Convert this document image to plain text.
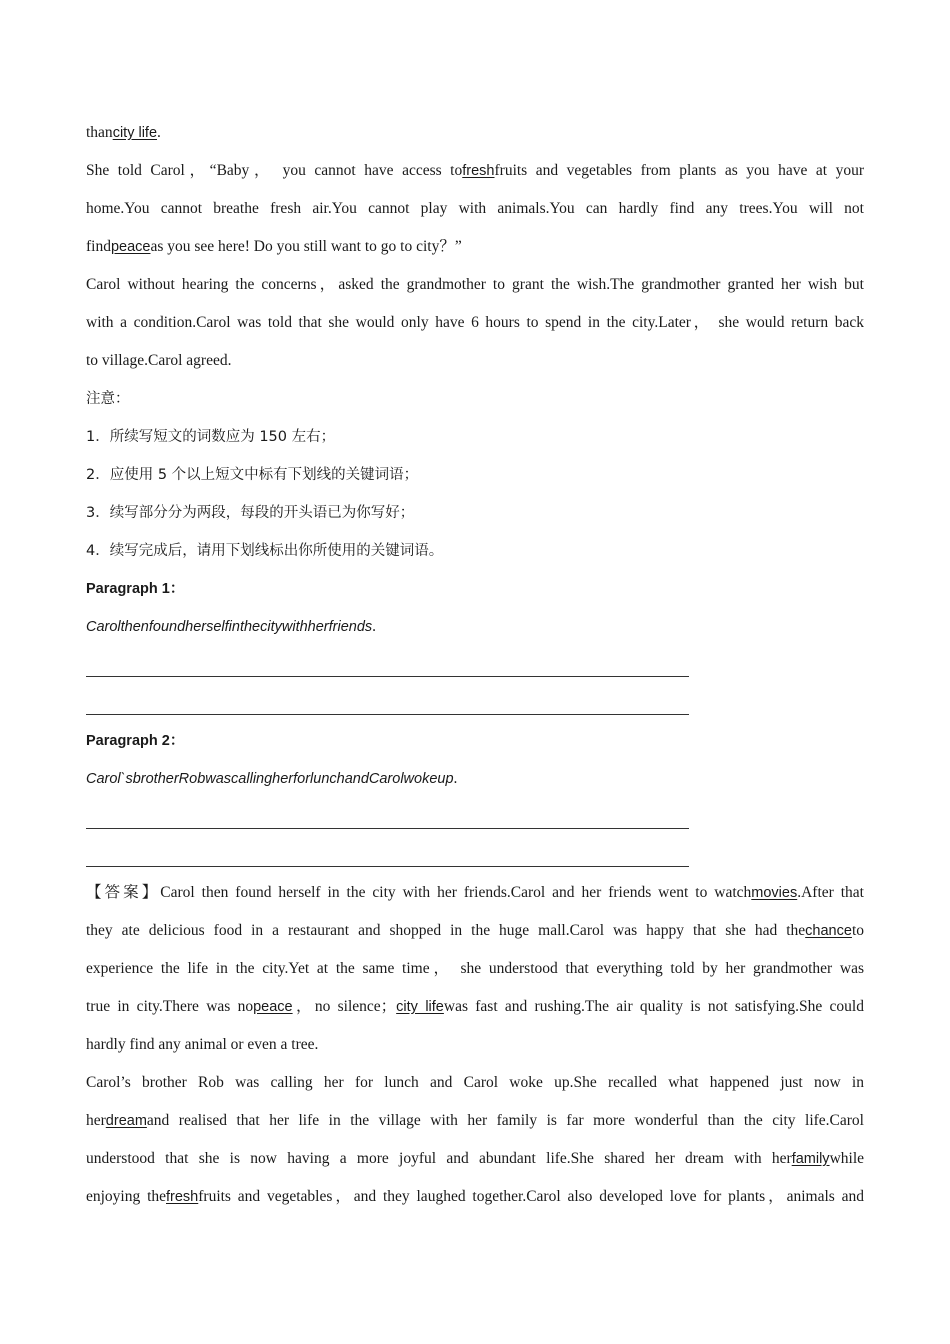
thancity life.
She told Carol，“Baby， you cannot have access tofreshfruits and vegetables from plants as you have at your
home.You cannot breathe fresh air.You cannot play with animals.You can hardly find any trees.You will not
findpeaceas you see here! Do you still want to go to city？”
Carol without hearing the concerns，asked the grandmother to grant the wish.The grandmother granted her wish but
with a condition.Carol was told that she would only have 6 hours to spend in the city.Later， she would return back
to village.Carol agreed.
注意：
1．所续写短文的词数应为 150 左右；
2．应使用 5 个以上短文中标有下划线的关键词语；
3．续写部分分为两段，每段的开头语已为你写好；
4．续写完成后，请用下划线标出你所使用的关键词语。
Paragraph 1：
Carolthenfoundherselfinthecitywithherfriends.
Paragraph 2：
Carol`sbrotherRobwascallingherforlunchandCarolwokeup.
【答案】Carol then found herself in the city with her friends.Carol and her friends went to watchmovies.After that
they ate delicious food in a restaurant and shopped in the huge mall.Carol was happy that she had thechanceto
experience the life in the city.Yet at the same time， she understood that everything told by her grandmother was
true in city.There was nopeace，no silence；city lifewas fast and rushing.The air quality is not satisfying.She could
hardly find any animal or even a tree.
Carol’s brother Rob was calling her for lunch and Carol woke up.She recalled what happened just now in
herdreamand realised that her life in the village with her family is far more wonderful than the city life.Carol
understood that she is now having a more joyful and abundant life.She shared her dream with herfamilywhile
enjoying thefreshfruits and vegetables，and they laughed together.Carol also developed love for plants，animals and
